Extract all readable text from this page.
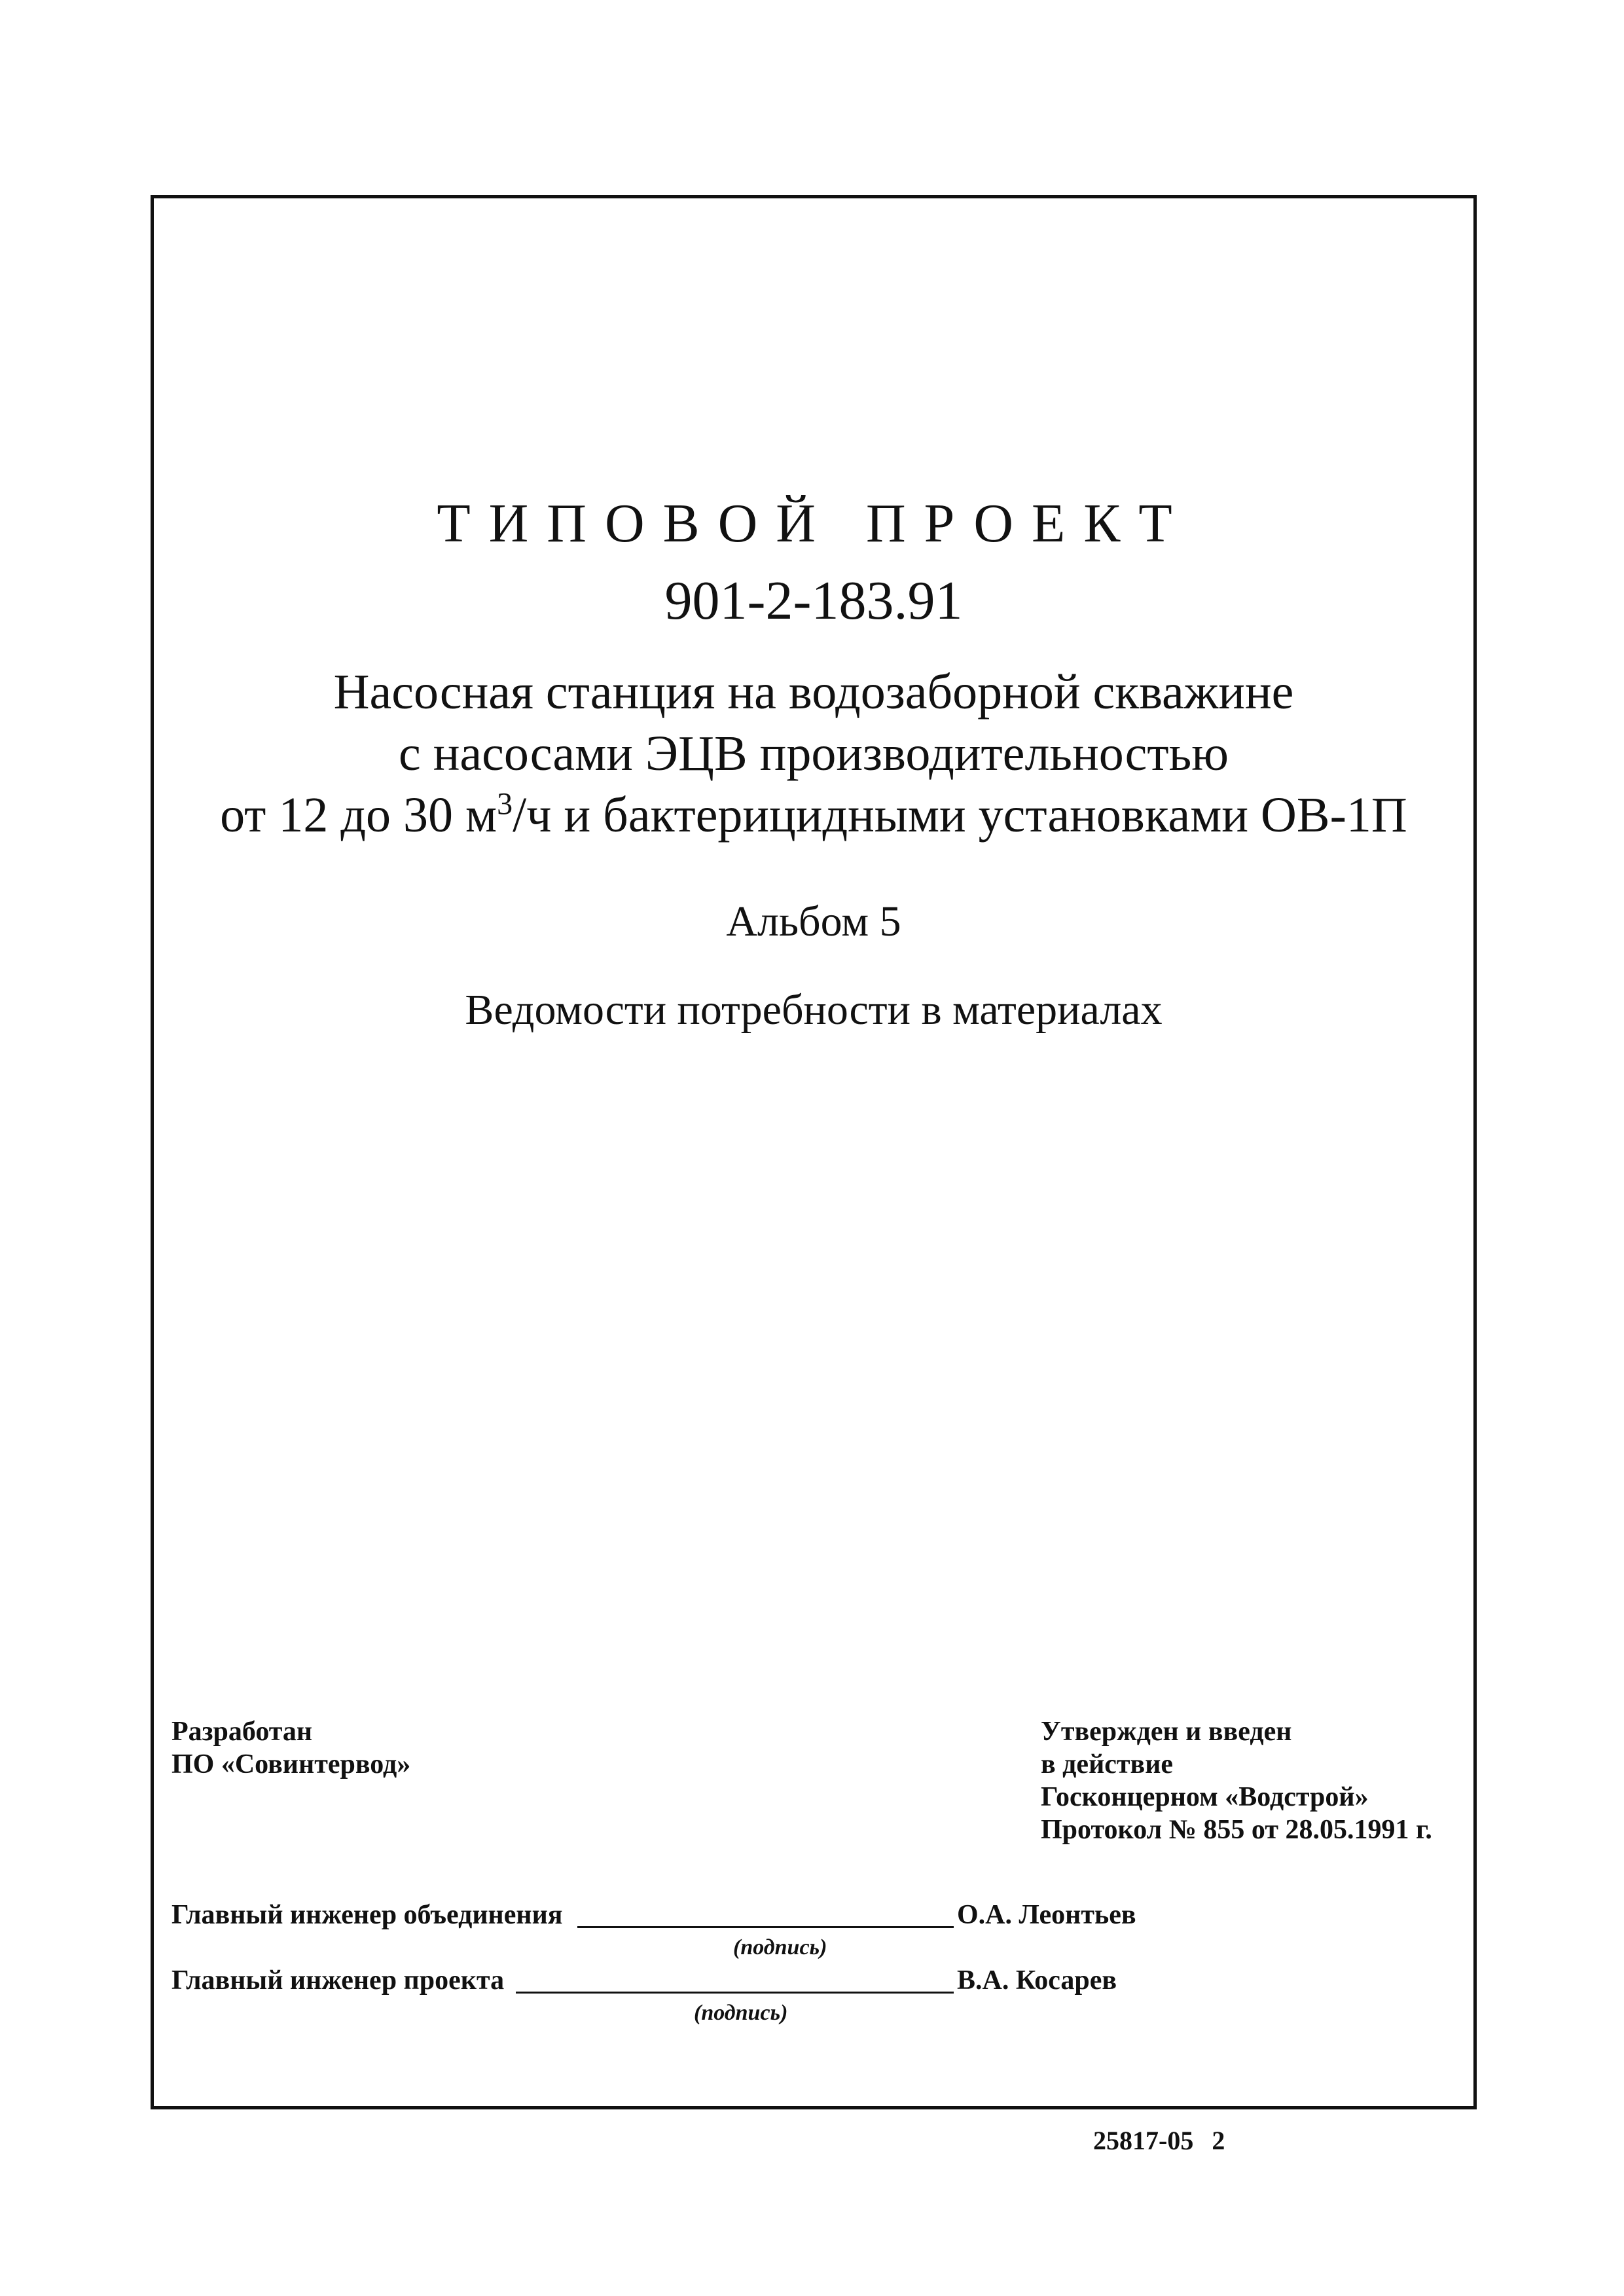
ТИПОВОЙ ПРОЕКТ
901-2-183.91
Насосная станция на водозаборной скважине
с насосами ЭЦВ производительностью
от 12 до 30 $м^3/ч$ и бактерицидными установками ОВ-1П
Альбом 5
Ведомости потребности в материалах
Разработан
ПО «Совинтервод»
Утвержден и введен
в действие
Госконцерном «Водстрой»
Протокол № 855 от 28.05.1991 г.
Главный инженер объединения
(подпись)
О.А. Леонтьев
Главный инженер проекта
(подпись)
В.А. Косарев
25817-05 2
